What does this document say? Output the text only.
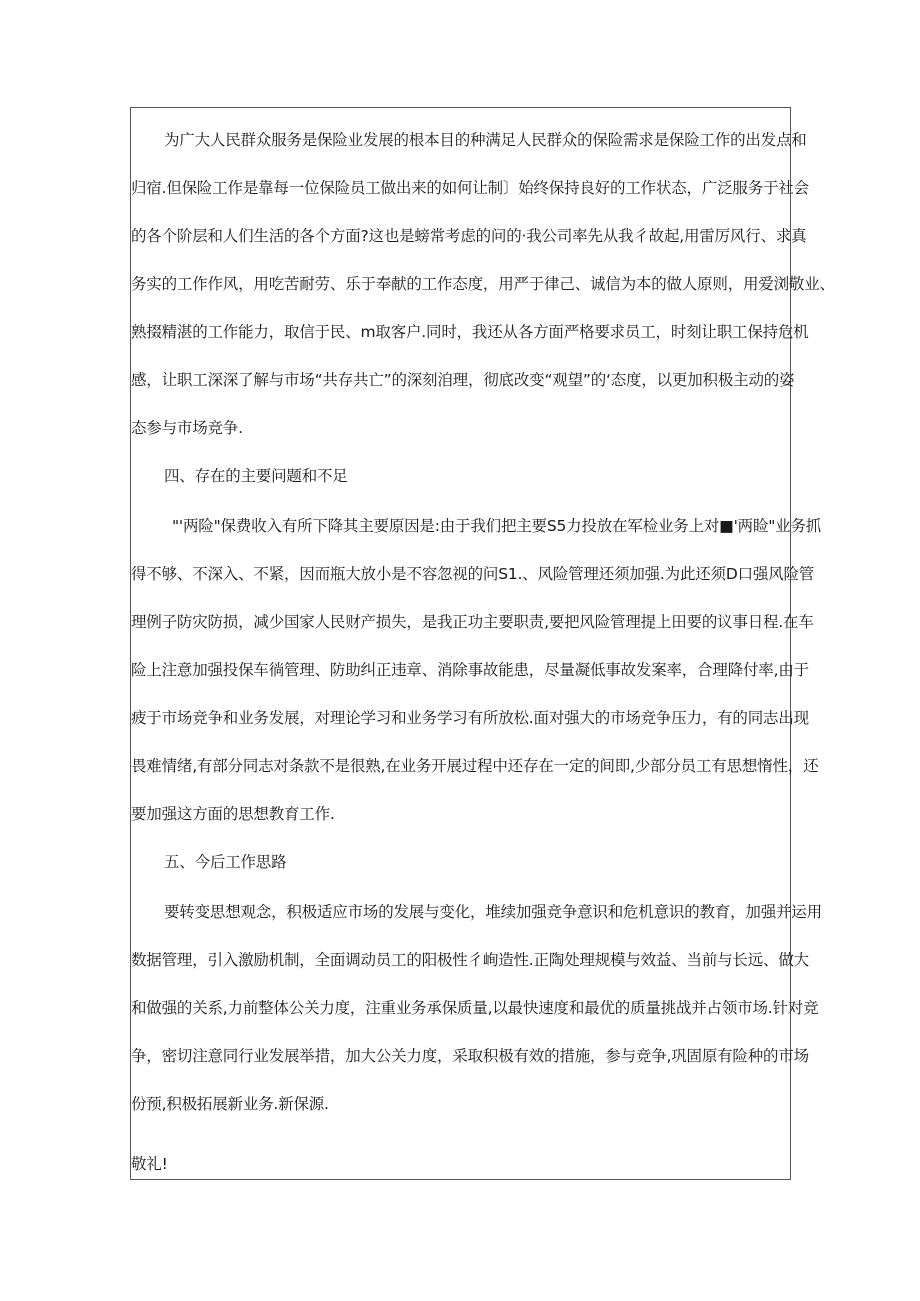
为广大人民群众服务是保险业发展的根本目的种满足人民群众的保险需求是保险工作的出发点和
归宿.但保险工作是靠每一位保险员工做出来的如何让制〕始终保持良好的工作状态，广泛服务于社会
的各个阶层和人们生活的各个方面?这也是螃常考虑的问的·我公司率先从我彳故起,用雷厉风行、求真
务实的工作作风，用吃苦耐劳、乐于奉献的工作态度，用严于律己、诚信为本的做人原则，用爱浏敬业、
熟掇精湛的工作能力，取信于民、m取客户.同时，我还从各方面严格要求员工，时刻让职工保持危机
感，让职工深深了解与市场“共存共亡”的深刻洎理，彻底改变“观望”的‘态度，以更加积极主动的姿
态参与市场竞争.
四、存在的主要问题和不足
"'两险"保费收入有所下降其主要原因是:由于我们把主要S5力投放在军检业务上对■'两睑"业务抓
得不够、不深入、不紧，因而瓶大放小是不容忽视的问S1.、风险管理还须加强.为此还须D口强风险管
理例子防灾防损，减少国家人民财产损失，是我正功主要职责,要把风险管理提上田要的议事日程.在车
险上注意加强投保车徜管理、防助纠正违章、消除事故能患，尽量凝低事故发案率，合理降付率,由于
疲于市场竞争和业务发展，对理论学习和业务学习有所放松.面对强大的市场竞争压力，有的同志出现
畏难情绪,有部分同志对条款不是很熟,在业务开展过程中还存在一定的间即,少部分员工有思想惰性，还
要加强这方面的思想教育工作.
五、今后工作思路
要转变思想观念，积极适应市场的发展与变化，堆续加强竞争意识和危机意识的教育，加强并运用
数据管理，引入激励机制，全面调动员工的阳极性彳峋造性.正陶处理规模与效益、当前与长远、做大
和做强的关系,力前整体公关力度，注重业务承保质量,以最快速度和最优的质量挑战并占领市场.针对竞
争，密切注意同行业发展举措，加大公关力度，采取积极有效的措施，参与竞争,巩固原有险种的市场
份预,积极拓展新业务.新保源.
敬礼!
